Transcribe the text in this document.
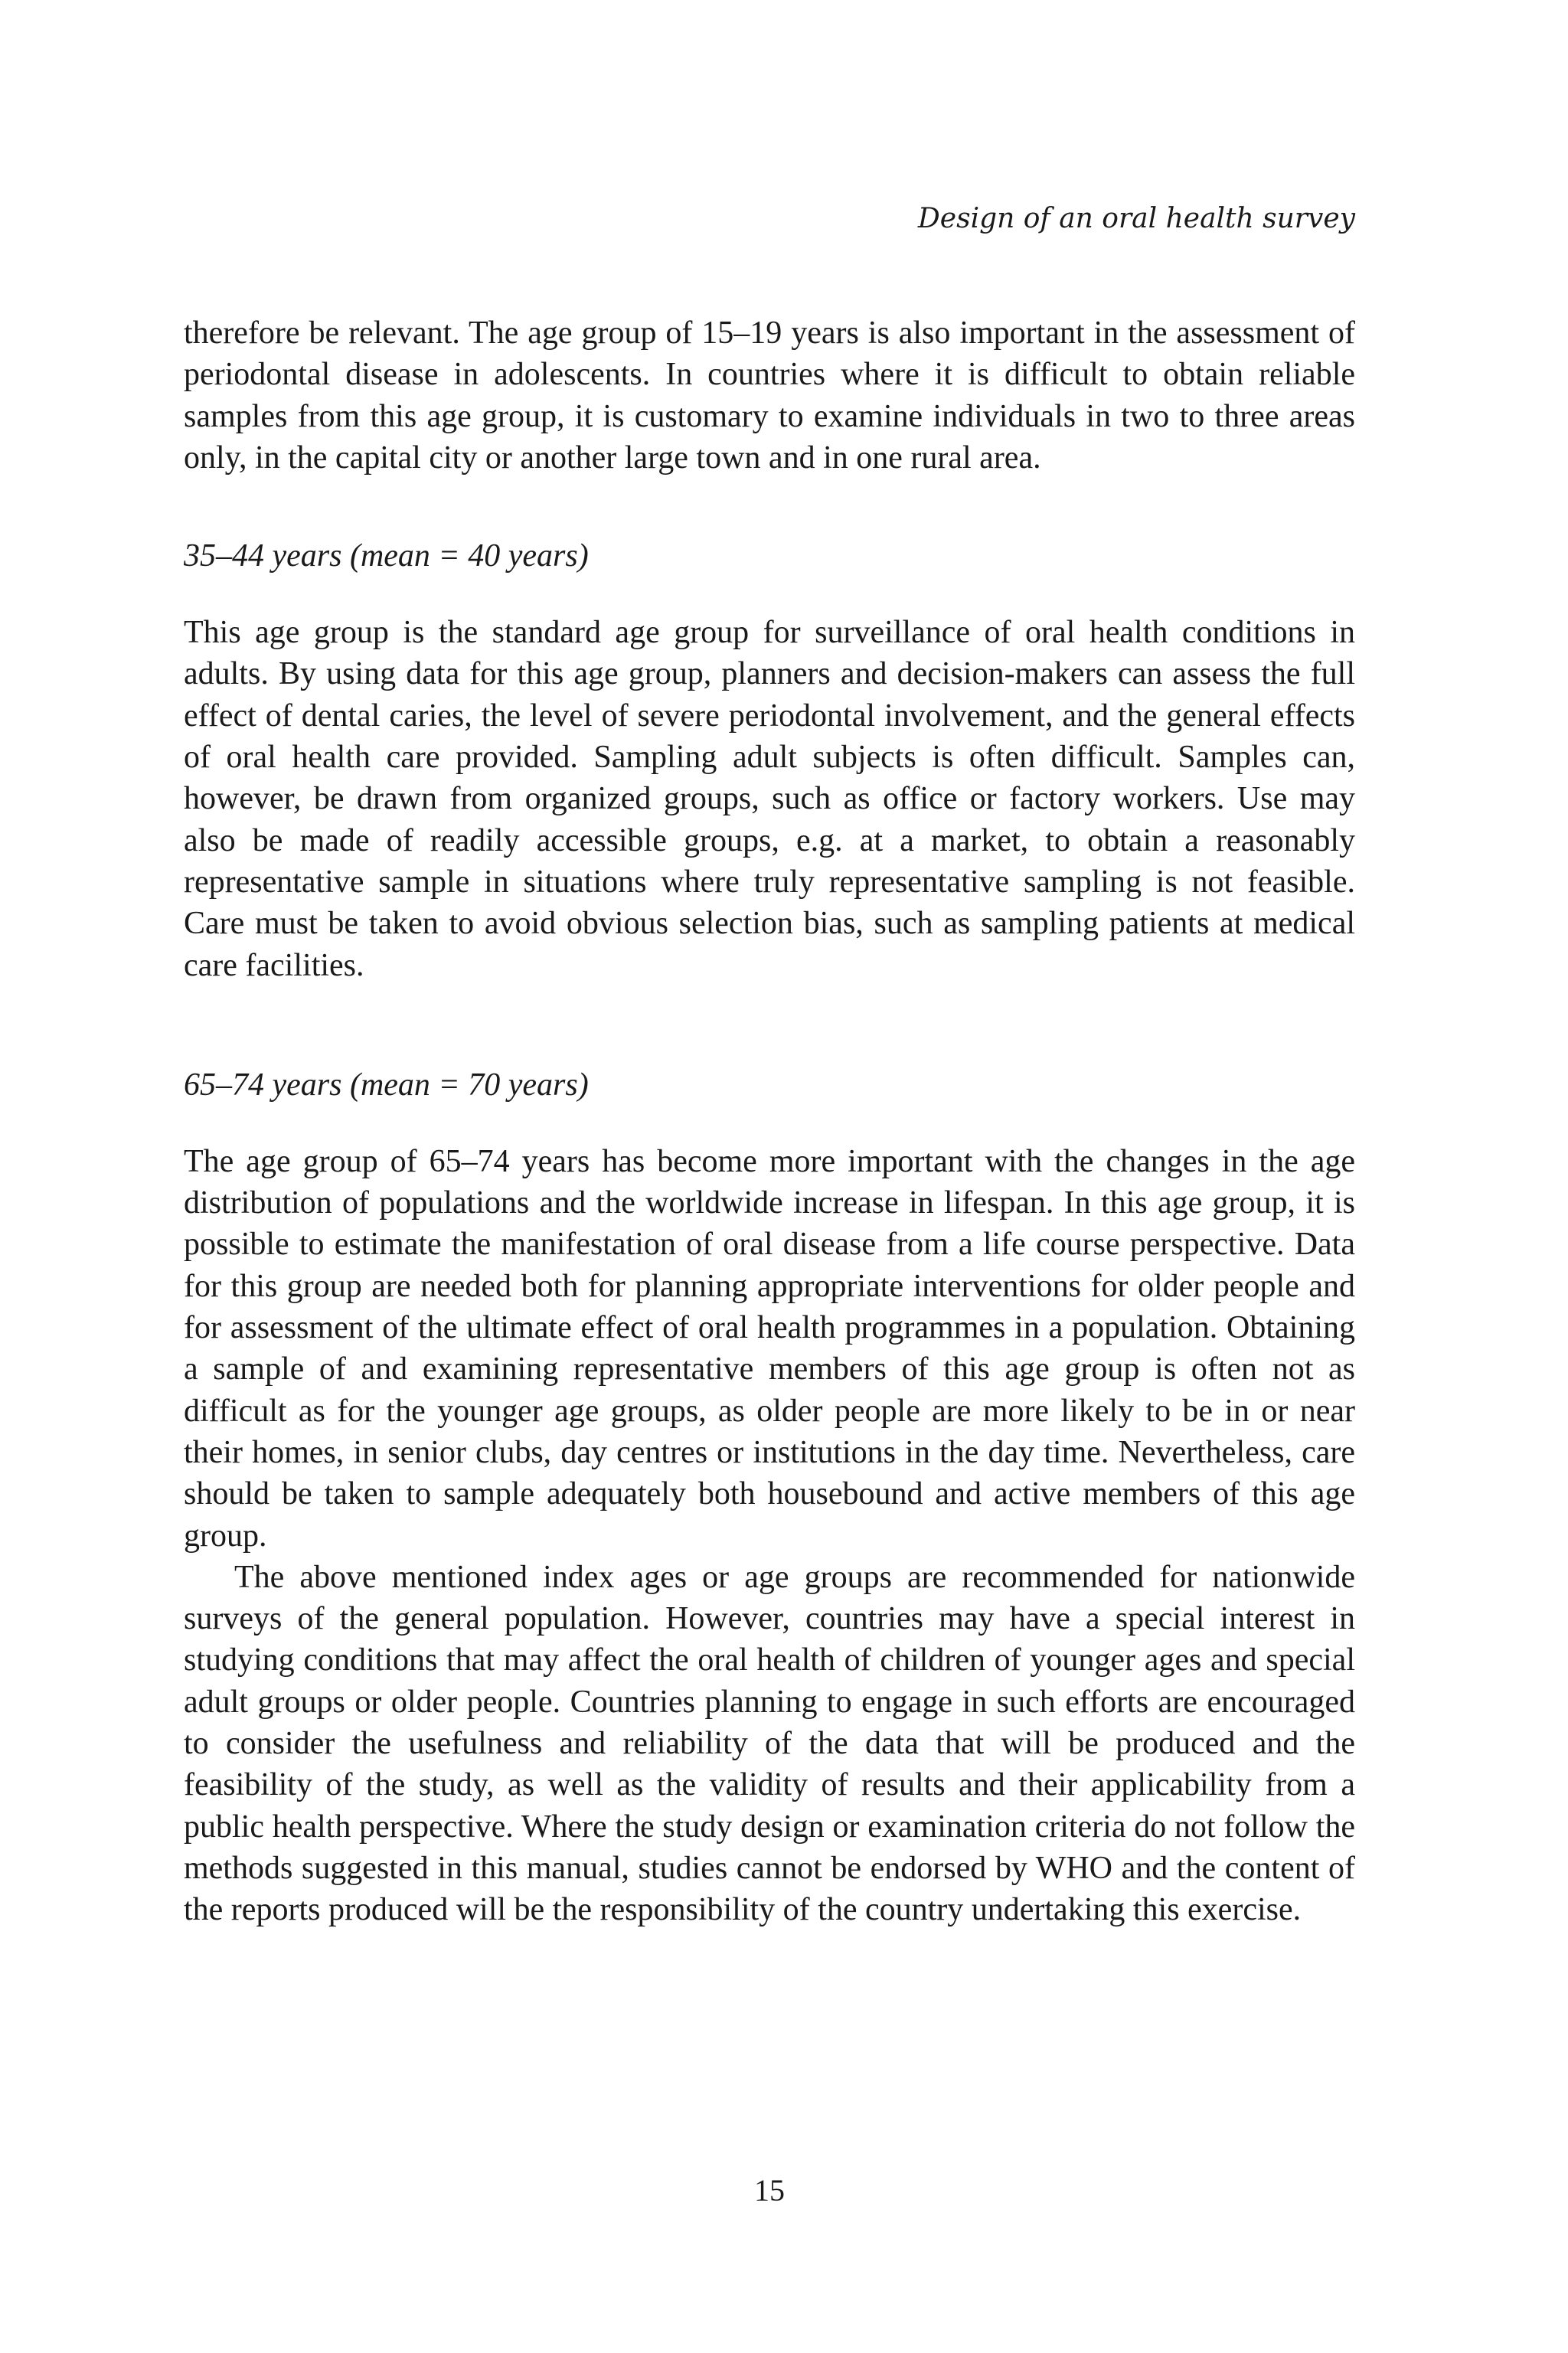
Design of an oral health survey

therefore be relevant. The age group of 15–19 years is also important in the assessment of periodontal disease in adolescents. In countries where it is difficult to obtain reliable samples from this age group, it is customary to examine individuals in two to three areas only, in the capital city or another large town and in one rural area.

35–44 years (mean = 40 years)

This age group is the standard age group for surveillance of oral health conditions in adults. By using data for this age group, planners and decision-makers can assess the full effect of dental caries, the level of severe periodontal involvement, and the general effects of oral health care provided. Sampling adult subjects is often difficult. Samples can, however, be drawn from organized groups, such as office or factory workers. Use may also be made of readily accessible groups, e.g. at a market, to obtain a reasonably representative sample in situations where truly representative sampling is not feasible. Care must be taken to avoid obvious selection bias, such as sampling patients at medical care facilities.

65–74 years (mean = 70 years)

The age group of 65–74 years has become more important with the changes in the age distribution of populations and the worldwide increase in lifespan. In this age group, it is possible to estimate the manifestation of oral disease from a life course perspective. Data for this group are needed both for planning appropriate interventions for older people and for assessment of the ultimate effect of oral health programmes in a population. Obtaining a sample of and examining representative members of this age group is often not as difficult as for the younger age groups, as older people are more likely to be in or near their homes, in senior clubs, day centres or institutions in the day time. Nevertheless, care should be taken to sample adequately both housebound and active members of this age group.

The above mentioned index ages or age groups are recommended for nationwide surveys of the general population. However, countries may have a special interest in studying conditions that may affect the oral health of children of younger ages and special adult groups or older people. Countries planning to engage in such efforts are encouraged to consider the usefulness and reliability of the data that will be produced and the feasibility of the study, as well as the validity of results and their applicability from a public health perspective. Where the study design or examination criteria do not follow the methods suggested in this manual, studies cannot be endorsed by WHO and the content of the reports produced will be the responsibility of the country undertaking this exercise.

15
